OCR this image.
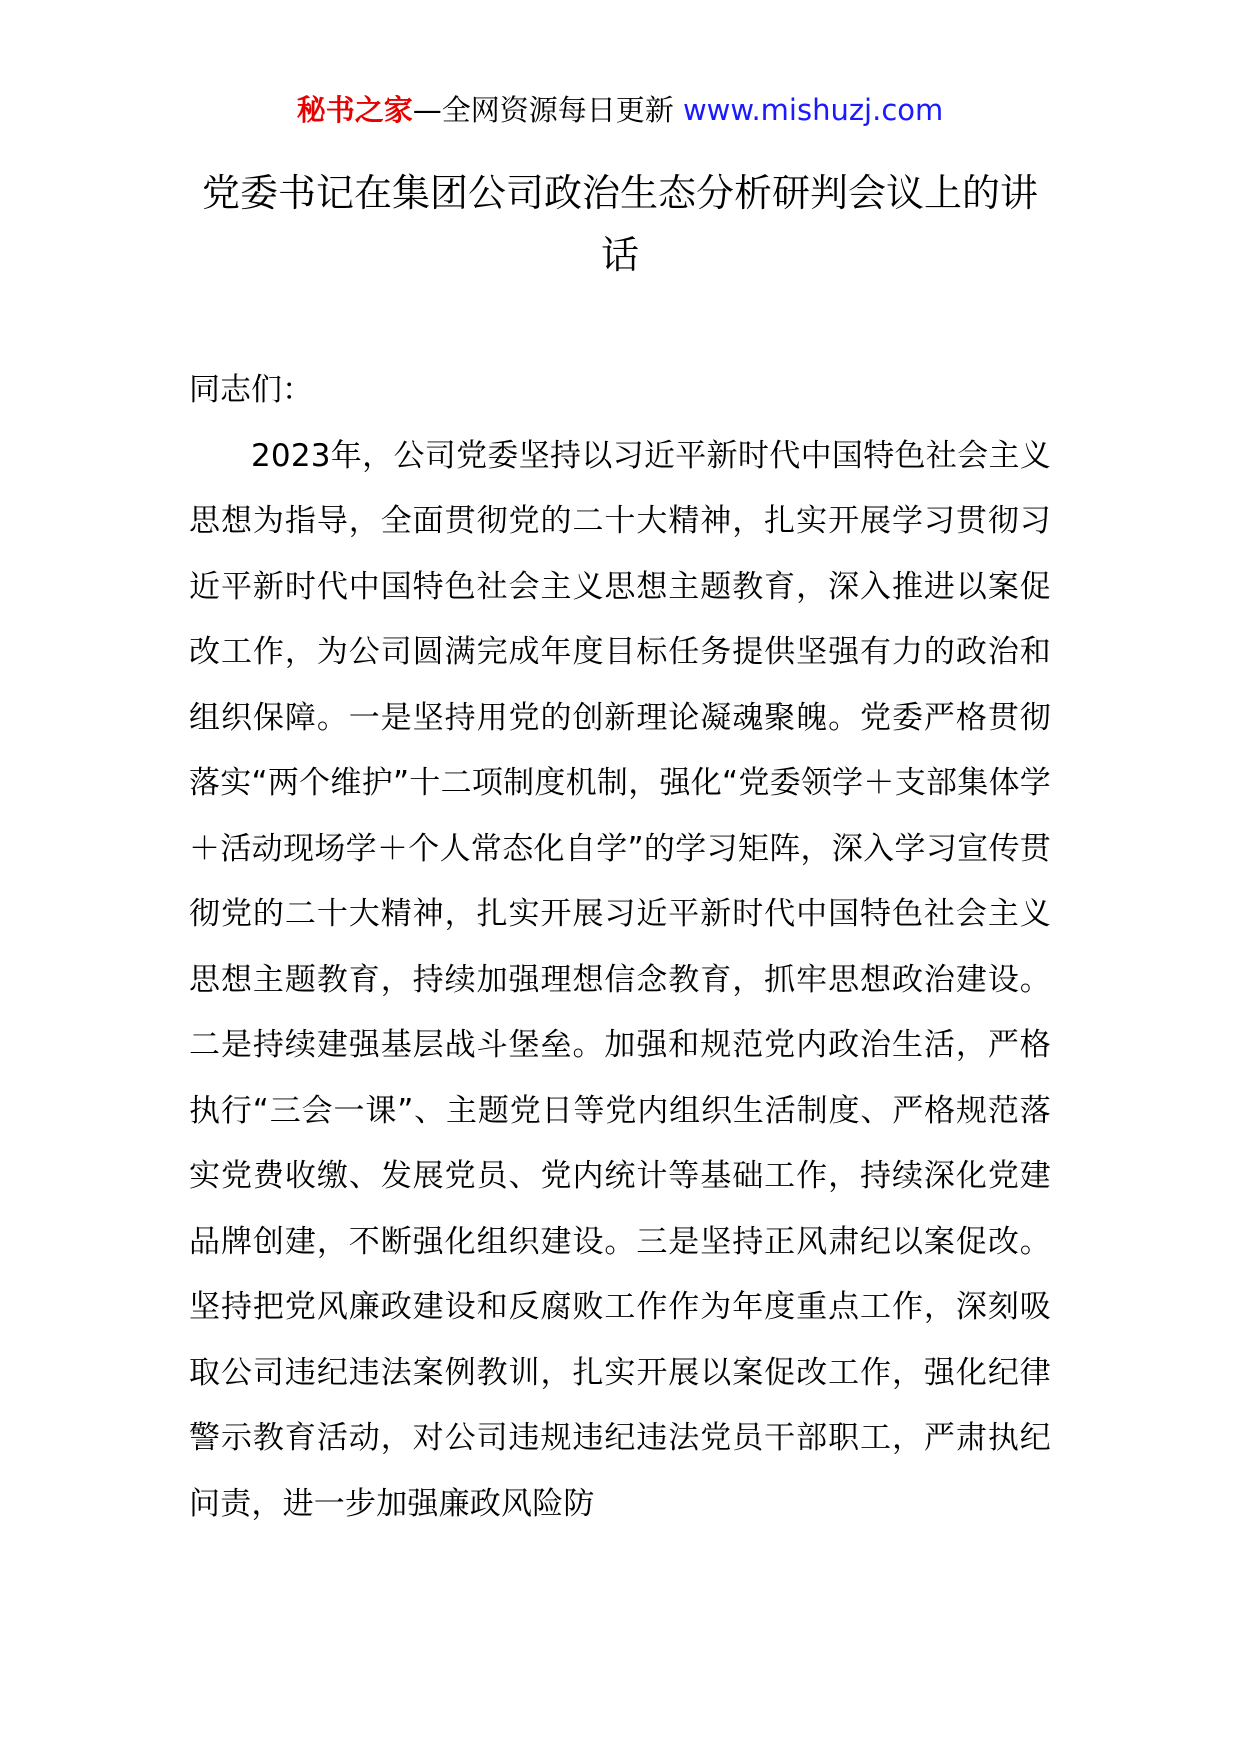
秘书之家—全网资源每日更新 www.mishuzj.com
党委书记在集团公司政治生态分析研判会议上的讲话

同志们：

2023年，公司党委坚持以习近平新时代中国特色社会主义思想为指导，全面贯彻党的二十大精神，扎实开展学习贯彻习近平新时代中国特色社会主义思想主题教育，深入推进以案促改工作，为公司圆满完成年度目标任务提供坚强有力的政治和组织保障。一是坚持用党的创新理论凝魂聚魄。党委严格贯彻落实“两个维护”十二项制度机制，强化“党委领学＋支部集体学＋活动现场学＋个人常态化自学”的学习矩阵，深入学习宣传贯彻党的二十大精神，扎实开展习近平新时代中国特色社会主义思想主题教育，持续加强理想信念教育，抓牢思想政治建设。二是持续建强基层战斗堡垒。加强和规范党内政治生活，严格执行“三会一课”、主题党日等党内组织生活制度、严格规范落实党费收缴、发展党员、党内统计等基础工作，持续深化党建品牌创建，不断强化组织建设。三是坚持正风肃纪以案促改。坚持把党风廉政建设和反腐败工作作为年度重点工作，深刻吸取公司违纪违法案例教训，扎实开展以案促改工作，强化纪律警示教育活动，对公司违规违纪违法党员干部职工，严肃执纪问责，进一步加强廉政风险防
